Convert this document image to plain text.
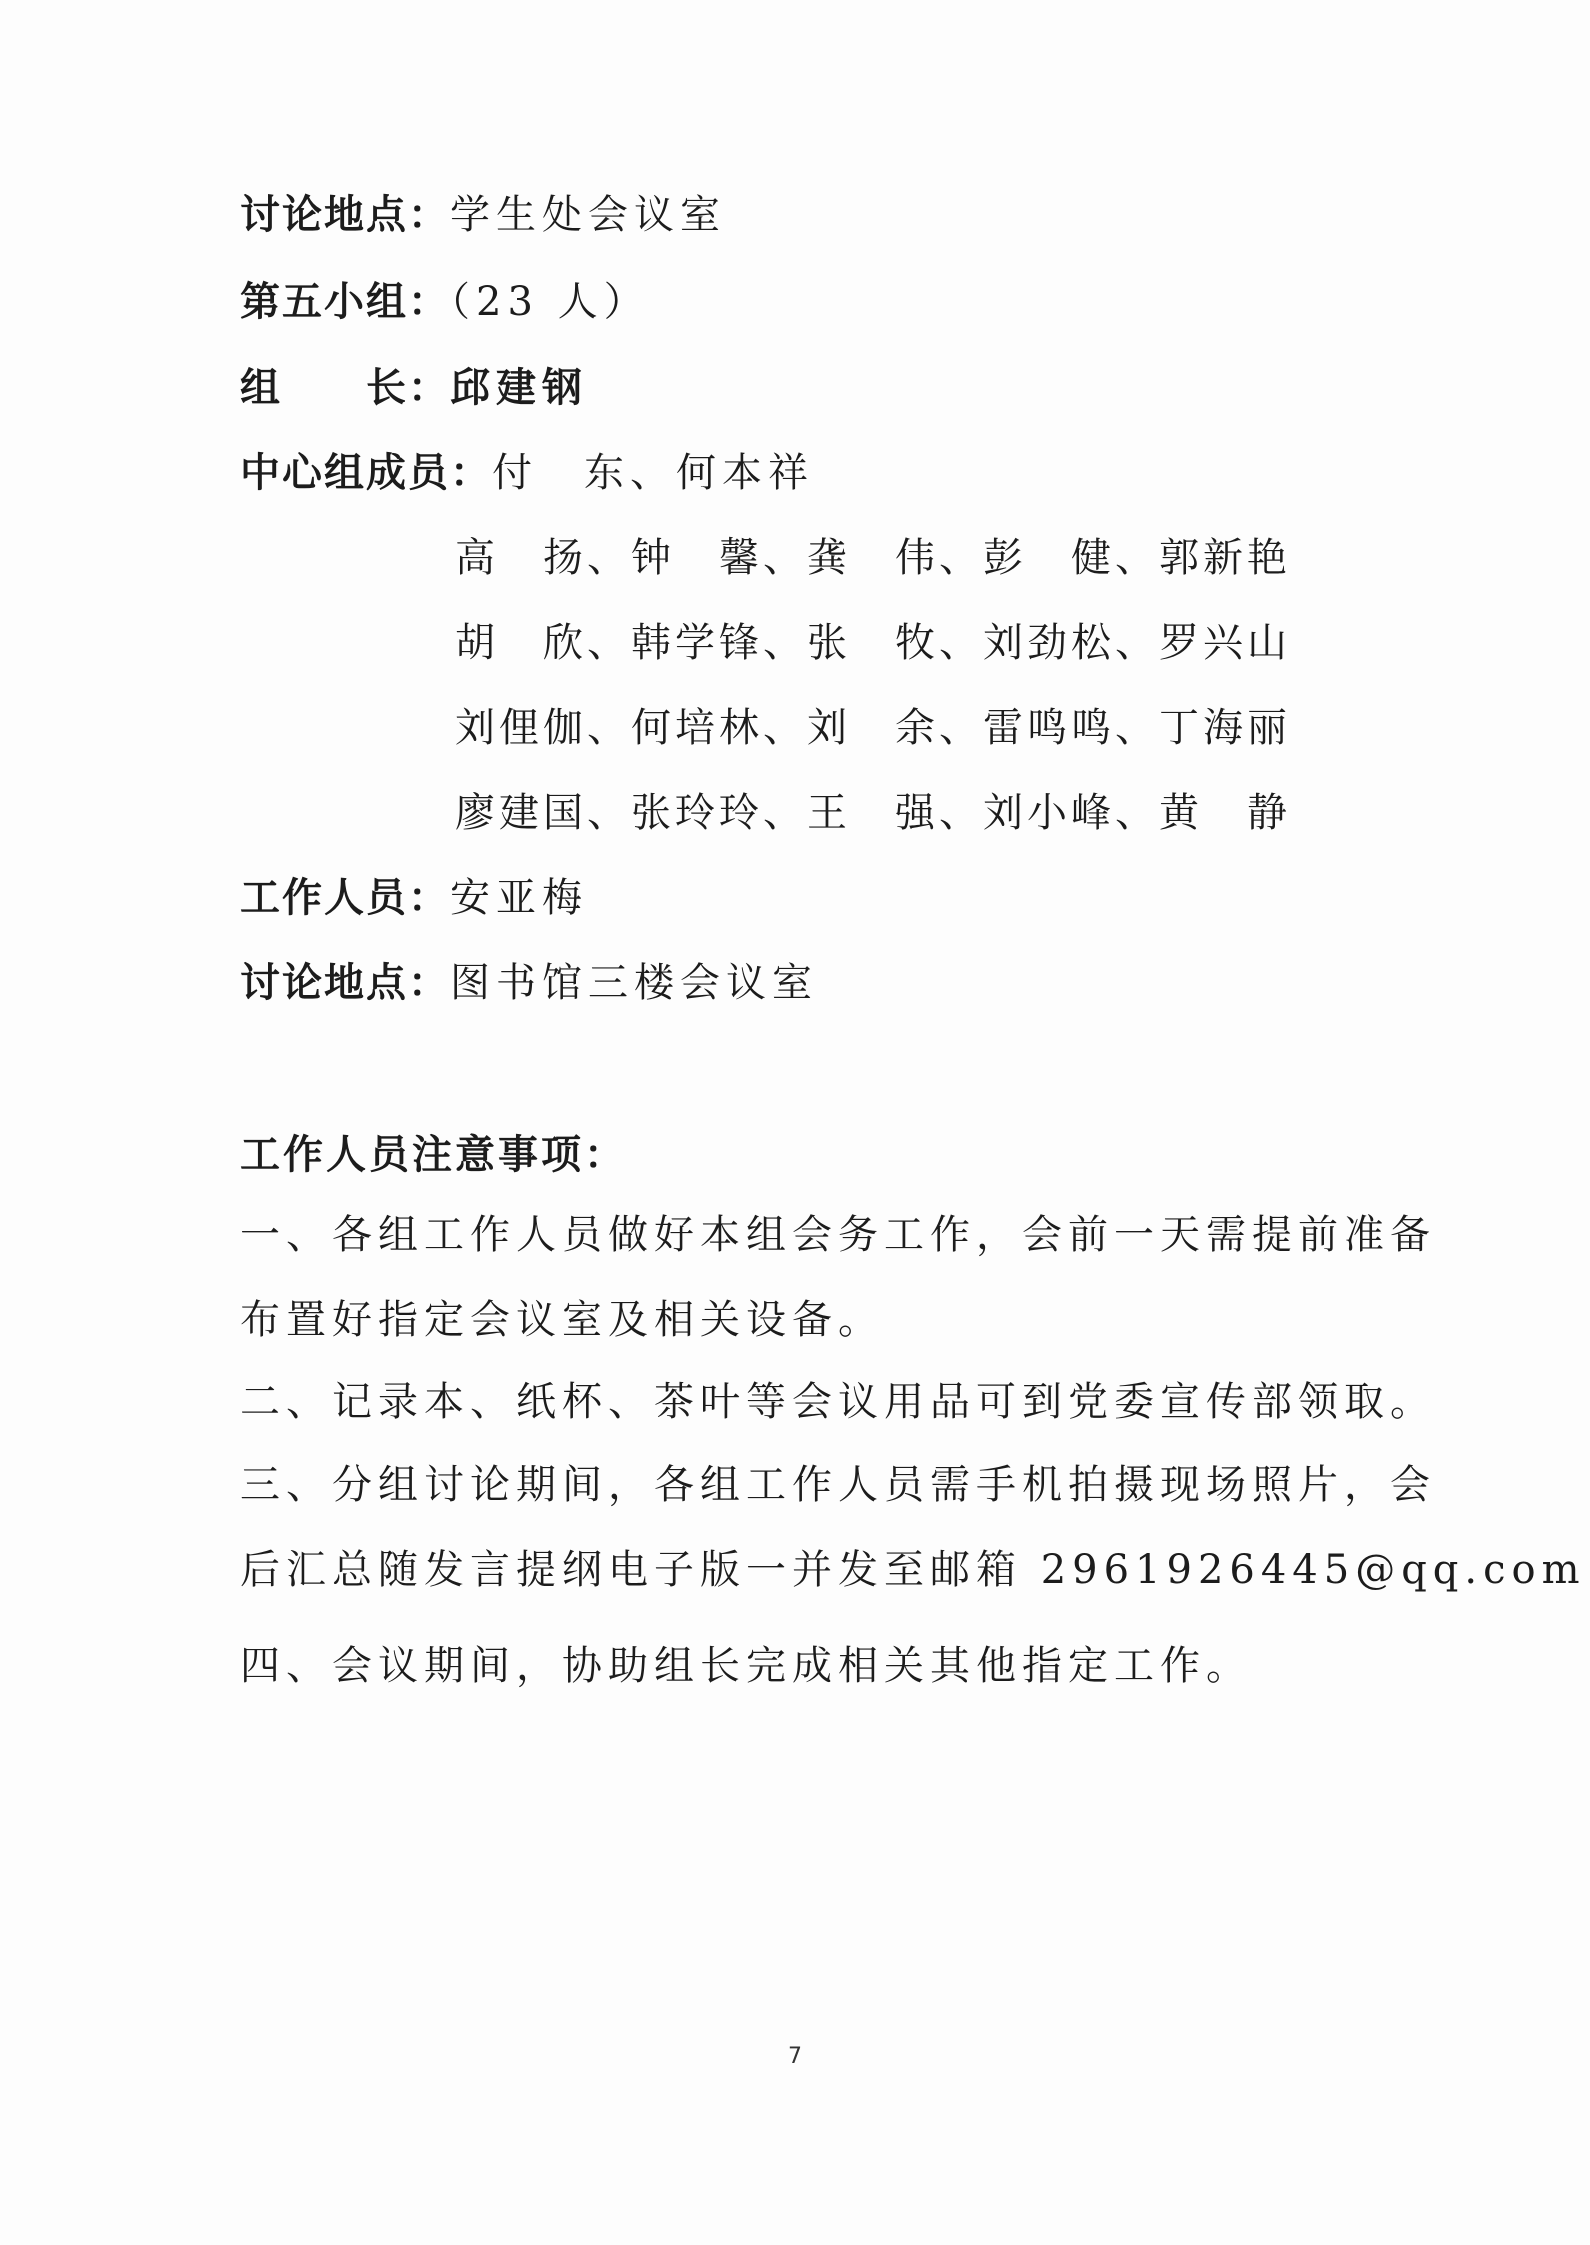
讨论地点：学生处会议室
第五小组：（23 人）
组　　长：邱建钢
中心组成员：付　东、何本祥
高　扬、 钟　馨、 龚　伟、 彭　健、 郭新艳
胡　欣、 韩学锋、 张　牧、 刘劲松、 罗兴山
刘俚伽、 何培林、 刘　余、 雷鸣鸣、 丁海丽
廖建国、 张玲玲、 王　强、 刘小峰、 黄　静
工作人员：安亚梅
讨论地点：图书馆三楼会议室
工作人员注意事项：
一、各组工作人员做好本组会务工作，会前一天需提前准备
布置好指定会议室及相关设备。
二、记录本、纸杯、茶叶等会议用品可到党委宣传部领取。
三、分组讨论期间，各组工作人员需手机拍摄现场照片，会
后汇总随发言提纲电子版一并发至邮箱 2961926445@qq.com
四、会议期间，协助组长完成相关其他指定工作。
7
